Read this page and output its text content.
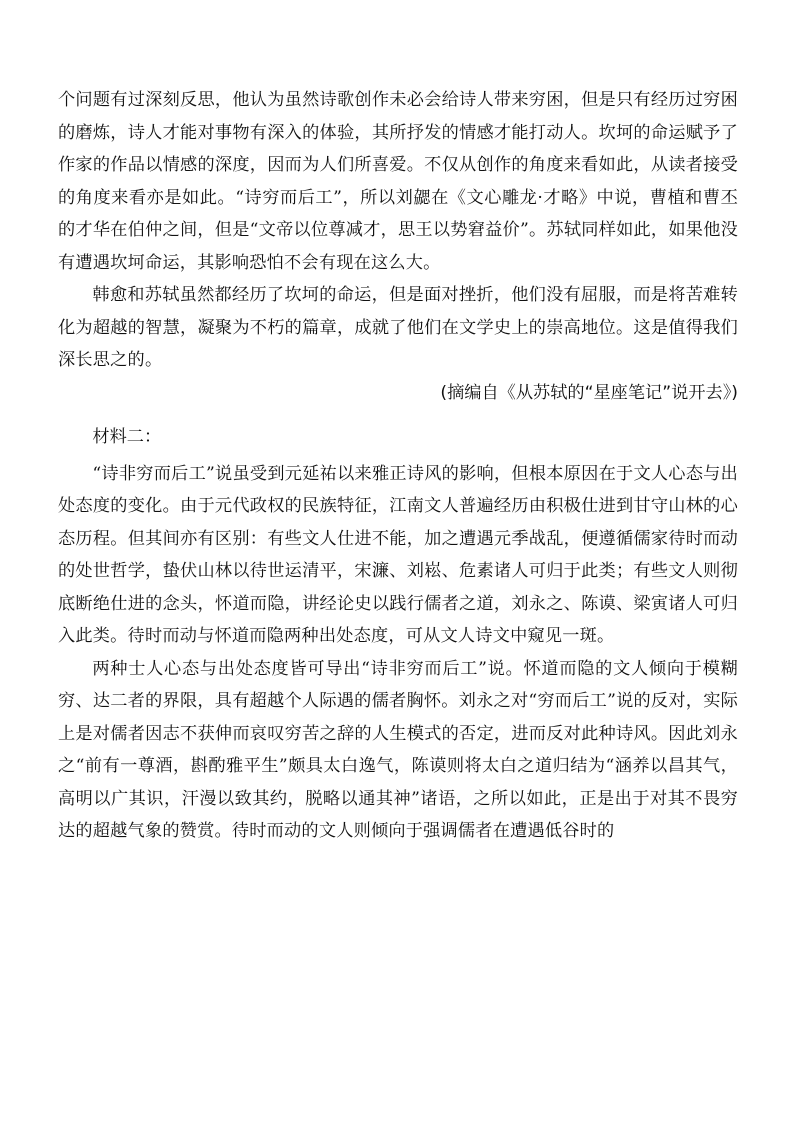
个问题有过深刻反思，他认为虽然诗歌创作未必会给诗人带来穷困，但是只有经历过穷困的磨炼，诗人才能对事物有深入的体验，其所抒发的情感才能打动人。坎坷的命运赋予了作家的作品以情感的深度，因而为人们所喜爱。不仅从创作的角度来看如此，从读者接受的角度来看亦是如此。“诗穷而后工”，所以刘勰在《文心雕龙·才略》中说，曹植和曹丕的才华在伯仲之间，但是“文帝以位尊减才，思王以势窘益价”。苏轼同样如此，如果他没有遭遇坎坷命运，其影响恐怕不会有现在这么大。

韩愈和苏轼虽然都经历了坎坷的命运，但是面对挫折，他们没有屈服，而是将苦难转化为超越的智慧，凝聚为不朽的篇章，成就了他们在文学史上的崇高地位。这是值得我们深长思之的。

(摘编自《从苏轼的“星座笔记”说开去》)

材料二：

“诗非穷而后工”说虽受到元延祐以来雅正诗风的影响，但根本原因在于文人心态与出处态度的变化。由于元代政权的民族特征，江南文人普遍经历由积极仕进到甘守山林的心态历程。但其间亦有区别：有些文人仕进不能，加之遭遇元季战乱，便遵循儒家待时而动的处世哲学，蛰伏山林以待世运清平，宋濂、刘崧、危素诸人可归于此类；有些文人则彻底断绝仕进的念头，怀道而隐，讲经论史以践行儒者之道，刘永之、陈谟、梁寅诸人可归入此类。待时而动与怀道而隐两种出处态度，可从文人诗文中窥见一斑。

两种士人心态与出处态度皆可导出“诗非穷而后工”说。怀道而隐的文人倾向于模糊穷、达二者的界限，具有超越个人际遇的儒者胸怀。刘永之对“穷而后工”说的反对，实际上是对儒者因志不获伸而哀叹穷苦之辞的人生模式的否定，进而反对此种诗风。因此刘永之“前有一尊酒，斟酌雅平生”颇具太白逸气，陈谟则将太白之道归结为“涵养以昌其气，高明以广其识，汗漫以致其约，脱略以通其神”诸语，之所以如此，正是出于对其不畏穷达的超越气象的赞赏。待时而动的文人则倾向于强调儒者在遭遇低谷时的
